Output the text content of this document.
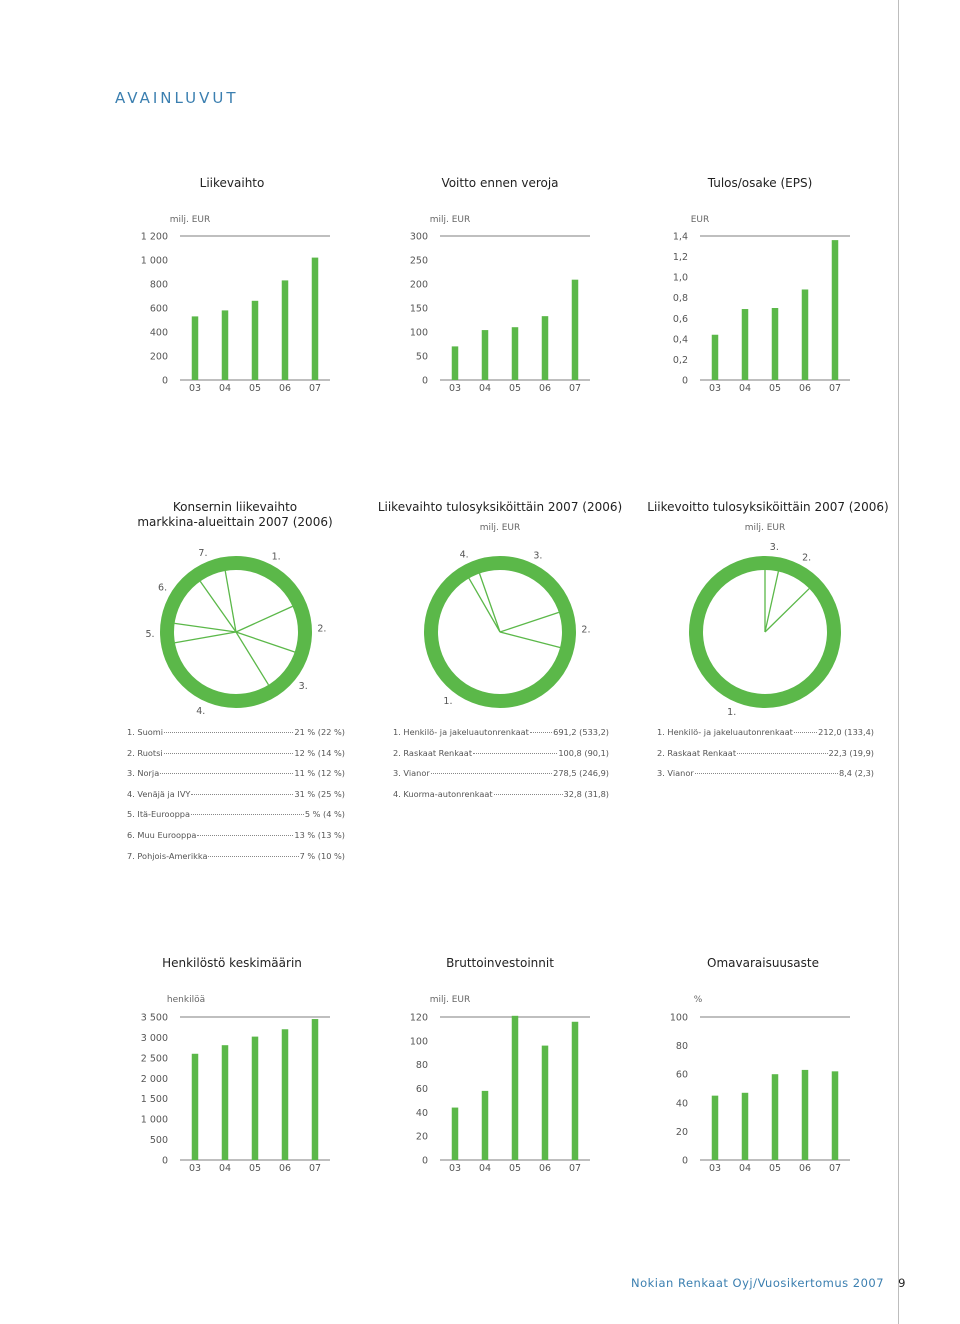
AVAINLUVUT
Liikevaihto
milj. EUR
0
200
400
600
800
1 000
1 200
03 04 05 06 07
Voitto ennen veroja
milj. EUR
0
50
100
150
200
250
300
03 04 05 06 07
Tulos/osake (EPS)
EUR
0
0,2
0,4
0,6
0,8
1,0
1,2
1,4
03 04 05 06 07
Konsernin liikevaihto
markkina-alueittain 2007 (2006)
Liikevaihto tulosyksiköittäin 2007 (2006)
milj. EUR
Liikevoitto tulosyksiköittäin 2007 (2006)
milj. EUR
1.
2.
3.
4.
5.
6.
7.
1.
2.
3.
4.
1.
2.
3.
1. Suomi	21 % (22 %)
2. Ruotsi	12 % (14 %)
3. Norja	11 % (12 %)
4. Venäjä ja IVY	31 % (25 %)
5. Itä-Eurooppa	5 % (4 %)
6. Muu Eurooppa	13 % (13 %)
7. Pohjois-Amerikka	7 % (10 %)
1. Henkilö- ja jakeluautonrenkaat	691,2 (533,2)
2. Raskaat Renkaat	100,8 (90,1)
3. Vianor	278,5 (246,9)
4. Kuorma-autonrenkaat	32,8 (31,8)
1. Henkilö- ja jakeluautonrenkaat	212,0 (133,4)
2. Raskaat Renkaat	22,3 (19,9)
3. Vianor	8,4 (2,3)
Henkilöstö keskimäärin
henkilöä
0
500
1 000
1 500
2 000
2 500
3 000
3 500
03 04 05 06 07
Bruttoinvestoinnit
milj. EUR
0
20
40
60
80
100
120
03 04 05 06 07
Omavaraisuusaste
%
0
20
40
60
80
100
03 04 05 06 07
Nokian Renkaat Oyj/Vuosikertomus 2007 9
